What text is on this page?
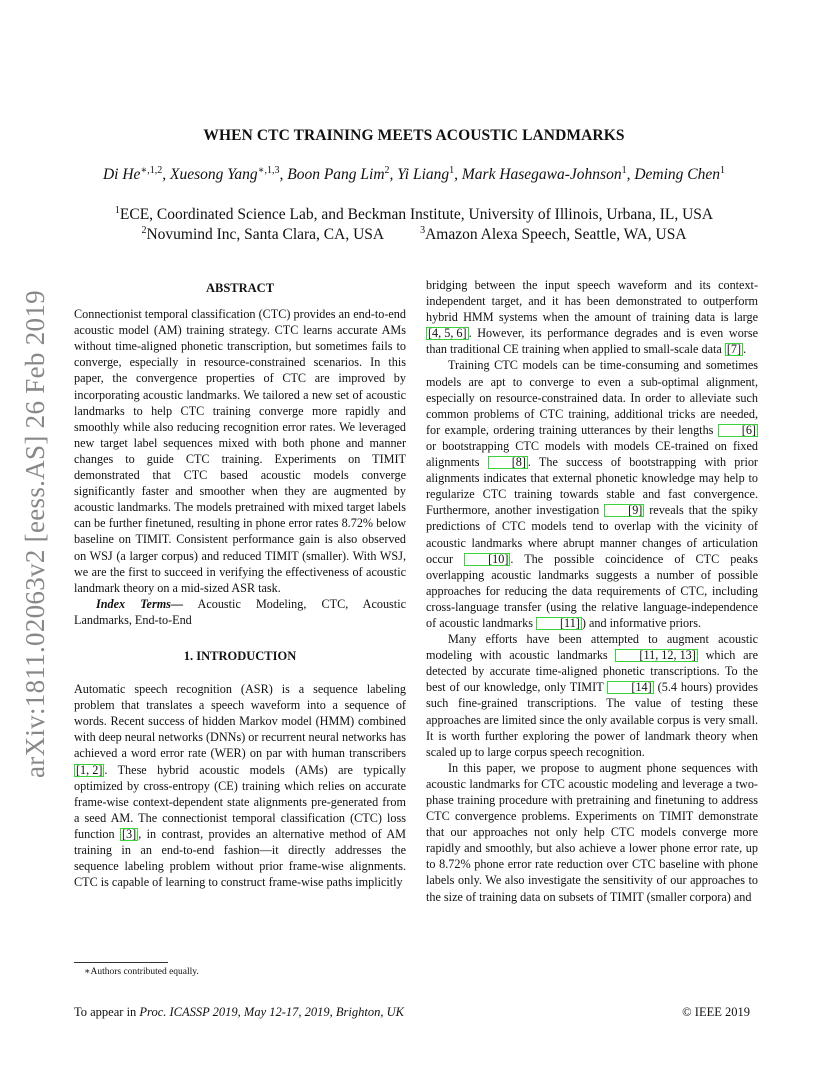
WHEN CTC TRAINING MEETS ACOUSTIC LANDMARKS
Di $He^{∗,1,2}$, Xuesong Yang$^{∗,1,3}$, Boon Pang Lim$^2$, Yi Liang$^1$, Mark Hasegawa-Johnson$^1$, Deming Chen$^1$
$^1$ECE, Coordinated Science Lab, and Beckman Institute, University of Illinois, Urbana, IL, USA
$^2$Novumind Inc, Santa Clara, CA, USA	$^3$Amazon Alexa Speech, Seattle, WA, USA
arXiv:1811.02063v2 [eess.AS] 26 Feb 2019
ABSTRACT

Connectionist temporal classification (CTC) provides an end-to-end acoustic model (AM) training strategy. CTC learns accurate AMs without time-aligned phonetic transcription, but sometimes fails to converge, especially in resource-constrained scenarios. In this paper, the convergence properties of CTC are improved by incorporating acoustic landmarks. We tailored a new set of acoustic landmarks to help CTC training converge more rapidly and smoothly while also reducing recognition error rates. We leveraged new target label sequences mixed with both phone and manner changes to guide CTC training. Experiments on TIMIT demonstrated that CTC based acoustic models converge significantly faster and smoother when they are augmented by acoustic landmarks. The models pretrained with mixed target labels can be further finetuned, resulting in phone error rates 8.72% below baseline on TIMIT. Consistent performance gain is also observed on WSJ (a larger corpus) and reduced TIMIT (smaller). With WSJ, we are the first to succeed in verifying the effectiveness of acoustic landmark theory on a mid-sized ASR task.

Index Terms— Acoustic Modeling, CTC, Acoustic Landmarks, End-to-End

1. INTRODUCTION

Automatic speech recognition (ASR) is a sequence labeling problem that translates a speech waveform into a sequence of words. Recent success of hidden Markov model (HMM) combined with deep neural networks (DNNs) or recurrent neural networks has achieved a word error rate (WER) on par with human transcribers [1, 2] . These hybrid acoustic models (AMs) are typically optimized by cross-entropy (CE) training which relies on accurate frame-wise context-dependent state alignments pre-generated from a seed AM. The connectionist temporal classification (CTC) loss function [3] , in contrast, provides an alternative method of AM training in an end-to-end fashion—it directly addresses the sequence labeling problem without prior frame-wise alignments. CTC is capable of learning to construct frame-wise paths implicitly

bridging between the input speech waveform and its context-independent target, and it has been demonstrated to outperform hybrid HMM systems when the amount of training data is large [4, 5, 6] . However, its performance degrades and is even worse than traditional CE training when applied to small-scale data [7] .

Training CTC models can be time-consuming and sometimes models are apt to converge to even a sub-optimal alignment, especially on resource-constrained data. In order to alleviate such common problems of CTC training, additional tricks are needed, for example, ordering training utterances by their lengths [6] or bootstrapping CTC models with models CE-trained on fixed alignments [8] . The success of bootstrapping with prior alignments indicates that external phonetic knowledge may help to regularize CTC training towards stable and fast convergence. Furthermore, another investigation [9] reveals that the spiky predictions of CTC models tend to overlap with the vicinity of acoustic landmarks where abrupt manner changes of articulation occur [10] . The possible coincidence of CTC peaks overlapping acoustic landmarks suggests a number of possible approaches for reducing the data requirements of CTC, including cross-language transfer (using the relative language-independence of acoustic landmarks [11] ) and informative priors.

Many efforts have been attempted to augment acoustic modeling with acoustic landmarks [11, 12, 13] which are detected by accurate time-aligned phonetic transcriptions. To the best of our knowledge, only TIMIT [14] (5.4 hours) provides such fine-grained transcriptions. The value of testing these approaches are limited since the only available corpus is very small. It is worth further exploring the power of landmark theory when scaled up to large corpus speech recognition.

In this paper, we propose to augment phone sequences with acoustic landmarks for CTC acoustic modeling and leverage a two-phase training procedure with pretraining and finetuning to address CTC convergence problems. Experiments on TIMIT demonstrate that our approaches not only help CTC models converge more rapidly and smoothly, but also achieve a lower phone error rate, up to 8.72% phone error rate reduction over CTC baseline with phone labels only. We also investigate the sensitivity of our approaches to the size of training data on subsets of TIMIT (smaller corpora) and

∗Authors contributed equally.
To appear in Proc. ICASSP 2019, May 12-17, 2019, Brighton, UK	© IEEE 2019
